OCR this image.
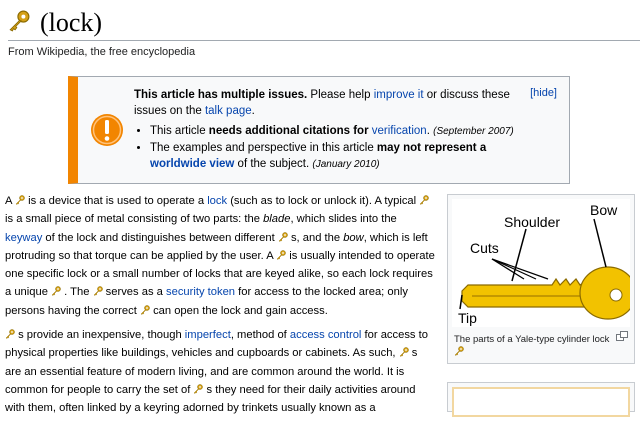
(lock)
From Wikipedia, the free encyclopedia
This article has multiple issues. Please help improve it or discuss these issues on the talk page.
• This article needs additional citations for verification. (September 2007)
• The examples and perspective in this article may not represent a worldwide view of the subject. (January 2010)
[hide]

A  is a device that is used to operate a lock (such as to lock or unlock it). A typical  is a small piece of metal consisting of two parts: the blade, which slides into the keyway of the lock and distinguishes between different  s, and the bow, which is left protruding so that torque can be applied by the user. A  is usually intended to operate one specific lock or a small number of locks that are keyed alike, so each lock requires a unique  . The  serves as a security token for access to the locked area; only persons having the correct  can open the lock and gain access.

s provide an inexpensive, though imperfect, method of access control for access to physical properties like buildings, vehicles and cupboards or cabinets. As such, s are an essential feature of modern living, and are common around the world. It is common for people to carry the set of  s they need for their daily activities around with them, often linked by a keyring adorned by trinkets usually known as a

Shoulder
Bow
Cuts
Tip
The parts of a Yale-type cylinder lock
